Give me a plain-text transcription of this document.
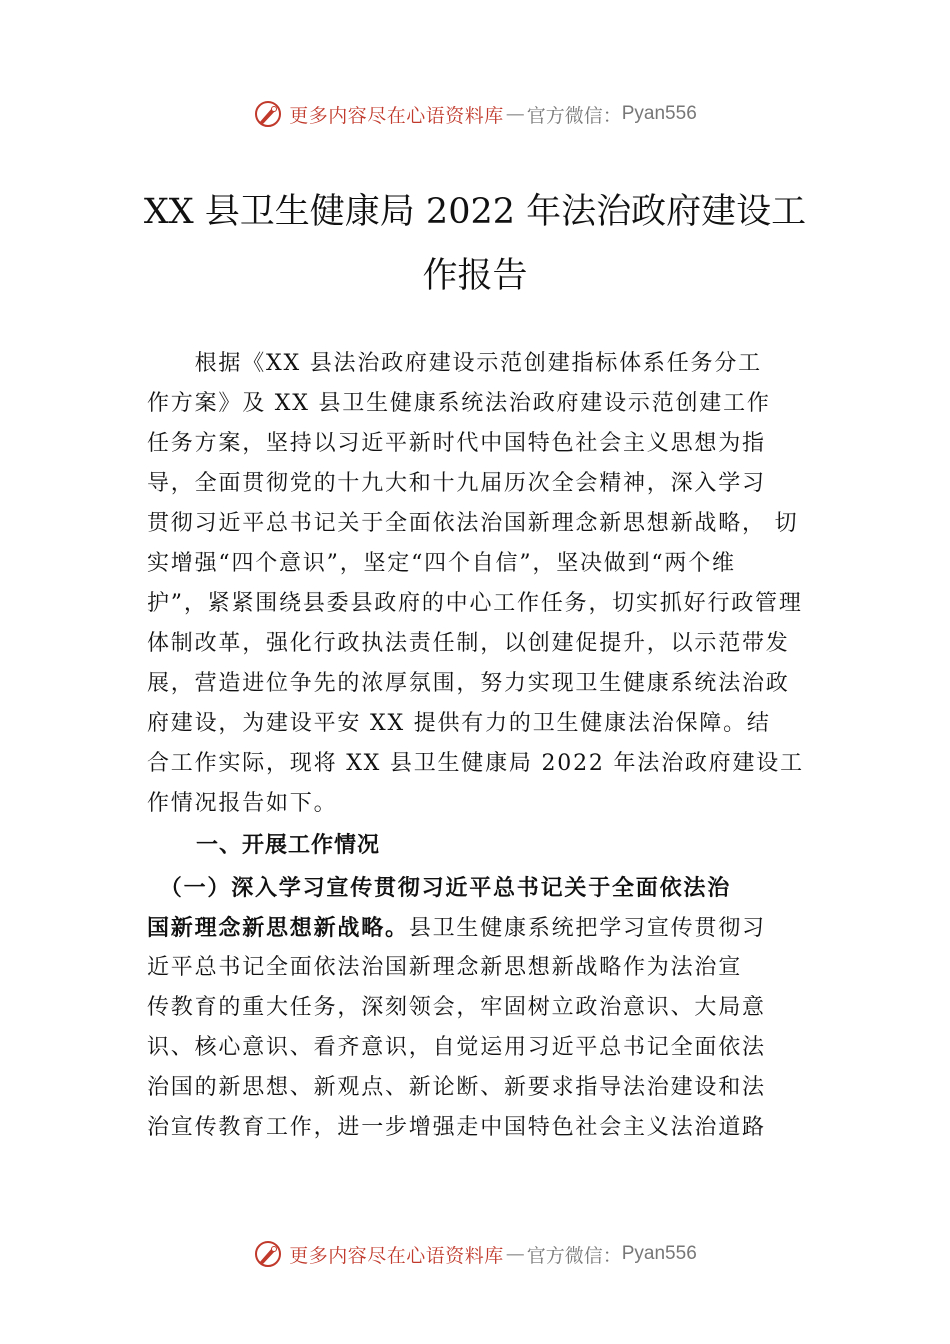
更多内容尽在心语资料库 — 官方微信： Pyan556
XX 县卫生健康局 2022 年法治政府建设工
作报告
　　根据《XX 县法治政府建设示范创建指标体系任务分工
作方案》及 XX 县卫生健康系统法治政府建设示范创建工作
任务方案，坚持以习近平新时代中国特色社会主义思想为指
导，全面贯彻党的十九大和十九届历次全会精神，深入学习
贯彻习近平总书记关于全面依法治国新理念新思想新战略， 切
实增强“四个意识”，坚定“四个自信”，坚决做到“两个维
护”，紧紧围绕县委县政府的中心工作任务，切实抓好行政管理
体制改革，强化行政执法责任制，以创建促提升，以示范带发
展，营造进位争先的浓厚氛围，努力实现卫生健康系统法治政
府建设，为建设平安 XX 提供有力的卫生健康法治保障。结
合工作实际，现将 XX 县卫生健康局 2022 年法治政府建设工
作情况报告如下。
一、开展工作情况
　（一）深入学习宣传贯彻习近平总书记关于全面依法治
国新理念新思想新战略。县卫生健康系统把学习宣传贯彻习
近平总书记全面依法治国新理念新思想新战略作为法治宣
传教育的重大任务，深刻领会，牢固树立政治意识、大局意
识、核心意识、看齐意识，自觉运用习近平总书记全面依法
治国的新思想、新观点、新论断、新要求指导法治建设和法
治宣传教育工作，进一步增强走中国特色社会主义法治道路
更多内容尽在心语资料库 — 官方微信： Pyan556
